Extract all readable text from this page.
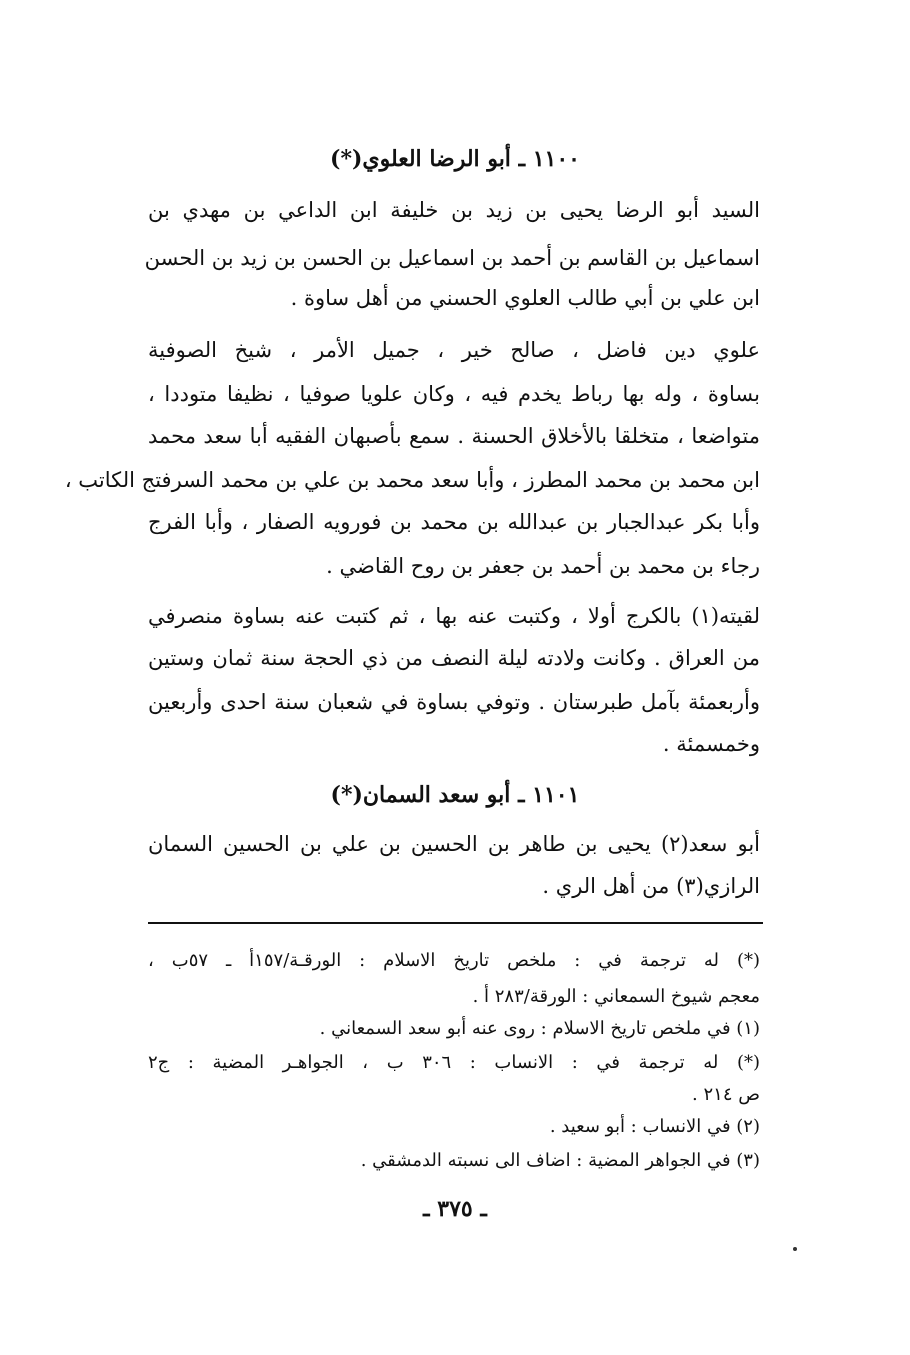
١١٠٠ ـ أبو الرضا العلوي(*)
السيد أبو الرضا يحيى بن زيد بن خليفة ابن الداعي بن مهدي بن
اسماعيل بن القاسم بن أحمد بن اسماعيل بن الحسن بن زيد بن الحسن
ابن علي بن أبي طالب العلوي الحسني من أهل ساوة .
علوي دين فاضل ، صالح خير ، جميل الأمر ، شيخ الصوفية
بساوة ، وله بها رباط يخدم فيه ، وكان علويا صوفيا ، نظيفا متوددا ،
متواضعا ، متخلقا بالأخلاق الحسنة . سمع بأصبهان الفقيه أبا سعد محمد
ابن محمد بن محمد المطرز ، وأبا سعد محمد بن علي بن محمد السرفتج الكاتب ،
وأبا بكر عبدالجبار بن عبدالله بن محمد بن فورويه الصفار ، وأبا الفرج
رجاء بن محمد بن أحمد بن جعفر بن روح القاضي .
لقيته(١) بالكرج أولا ، وكتبت عنه بها ، ثم كتبت عنه بساوة منصرفي
من العراق . وكانت ولادته ليلة النصف من ذي الحجة سنة ثمان وستين
وأربعمئة بآمل طبرستان . وتوفي بساوة في شعبان سنة احدى وأربعين
وخمسمئة .
١١٠١ ـ أبو سعد السمان(*)
أبو سعد(٢) يحيى بن طاهر بن الحسين بن علي بن الحسين السمان
الرازي(٣) من أهل الري .
(*) له ترجمة في : ملخص تاريخ الاسلام : الورقـة/١٥٧أ ـ ٥٧ب ،
معجم شيوخ السمعاني : الورقة/٢٨٣ أ .
(١) في ملخص تاريخ الاسلام : روى عنه أبو سعد السمعاني .
(*) له ترجمة في : الانساب : ٣٠٦ ب ، الجواهـر المضية : ج٢
ص ٢١٤ .
(٢) في الانساب : أبو سعيد .
(٣) في الجواهر المضية : اضاف الى نسبته الدمشقي .
ـ ٣٧٥ ـ
